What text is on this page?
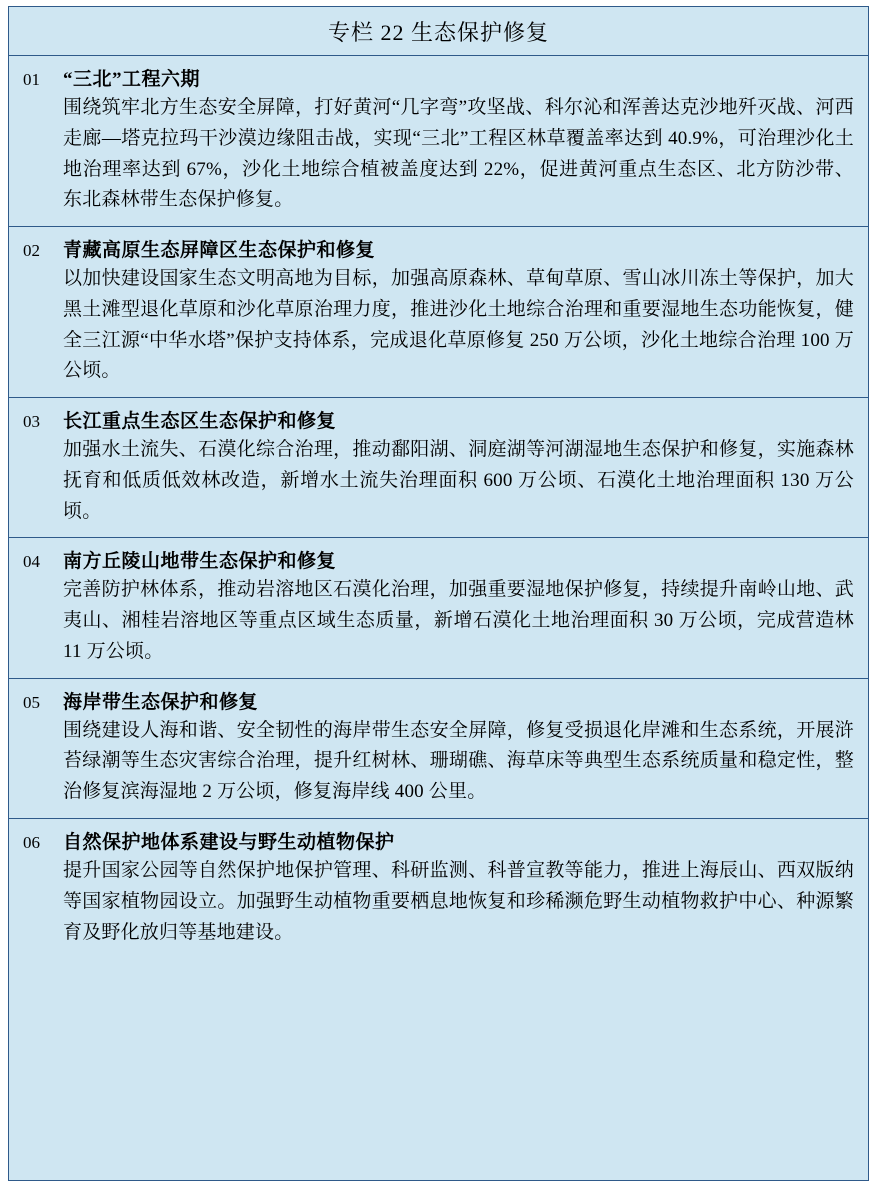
专栏 22 生态保护修复
01	“三北”工程六期
围绕筑牢北方生态安全屏障，打好黄河“几字弯”攻坚战、科尔沁和浑善达克沙地歼灭战、河西走廊—塔克拉玛干沙漠边缘阻击战，实现“三北”工程区林草覆盖率达到 40.9%，可治理沙化土地治理率达到 67%，沙化土地综合植被盖度达到 22%，促进黄河重点生态区、北方防沙带、东北森林带生态保护修复。
02	青藏高原生态屏障区生态保护和修复
以加快建设国家生态文明高地为目标，加强高原森林、草甸草原、雪山冰川冻土等保护，加大黑土滩型退化草原和沙化草原治理力度，推进沙化土地综合治理和重要湿地生态功能恢复，健全三江源“中华水塔”保护支持体系，完成退化草原修复 250 万公顷，沙化土地综合治理 100 万公顷。
03	长江重点生态区生态保护和修复
加强水土流失、石漠化综合治理，推动鄱阳湖、洞庭湖等河湖湿地生态保护和修复，实施森林抚育和低质低效林改造，新增水土流失治理面积 600 万公顷、石漠化土地治理面积 130 万公顷。
04	南方丘陵山地带生态保护和修复
完善防护林体系，推动岩溶地区石漠化治理，加强重要湿地保护修复，持续提升南岭山地、武夷山、湘桂岩溶地区等重点区域生态质量，新增石漠化土地治理面积 30 万公顷，完成营造林 11 万公顷。
05	海岸带生态保护和修复
围绕建设人海和谐、安全韧性的海岸带生态安全屏障，修复受损退化岸滩和生态系统，开展浒苔绿潮等生态灾害综合治理，提升红树林、珊瑚礁、海草床等典型生态系统质量和稳定性，整治修复滨海湿地 2 万公顷，修复海岸线 400 公里。
06	自然保护地体系建设与野生动植物保护
提升国家公园等自然保护地保护管理、科研监测、科普宣教等能力，推进上海辰山、西双版纳等国家植物园设立。加强野生动植物重要栖息地恢复和珍稀濒危野生动植物救护中心、种源繁育及野化放归等基地建设。
